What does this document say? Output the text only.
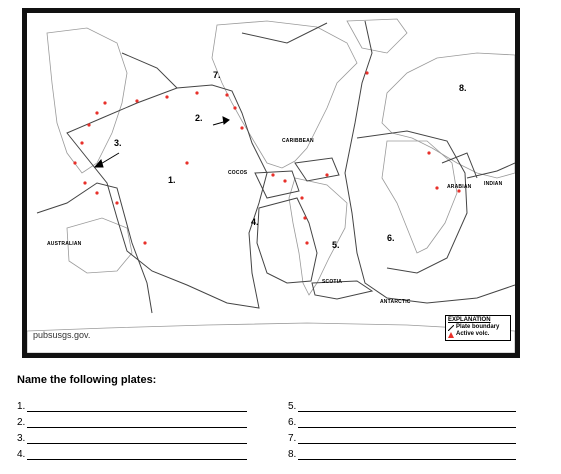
1.
2.
3.
4.
5.
6.
7.
8.
AUSTRALIAN
COCOS
CARIBBEAN
SCOTIA
ANTARCTIC
ARABIAN	INDIAN
pubsusgs.gov.
EXPLANATION
Plate boundary
Active volc.
Name the following plates:
1.
2.
3.
4.
5.
6.
7.
8.
